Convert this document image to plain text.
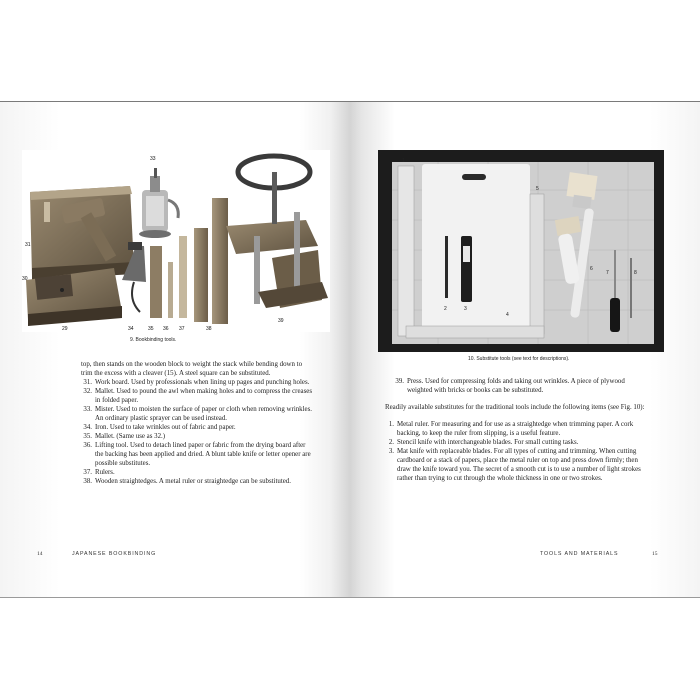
33
31
30
29	34	35 36 37	38
39
9. Bookbinding tools.
1
2	3
4
5
6
7	8
10. Substitute tools (see text for descriptions).

top, then stands on the wooden block to weight the stack while bending down to trim the excess with a cleaver (15). A steel square can be substituted.

31. Work board. Used by professionals when lining up pages and punching holes.
32. Mallet. Used to pound the awl when making holes and to compress the creases in folded paper.
33. Mister. Used to moisten the surface of paper or cloth when removing wrinkles. An ordinary plastic sprayer can be used instead.
34. Iron. Used to take wrinkles out of fabric and paper.
35. Mallet. (Same use as 32.)
36. Lifting tool. Used to detach lined paper or fabric from the drying board after the backing has been applied and dried. A blunt table knife or letter opener are possible substitutes.
37. Rulers.
38. Wooden straightedges. A metal ruler or straightedge can be substituted.
39. Press. Used for compressing folds and taking out wrinkles. A piece of plywood weighted with bricks or books can be substituted.

Readily available substitutes for the traditional tools include the following items (see Fig. 10):

1. Metal ruler. For measuring and for use as a straightedge when trimming paper. A cork backing, to keep the ruler from slipping, is a useful feature.
2. Stencil knife with interchangeable blades. For small cutting tasks.
3. Mat knife with replaceable blades. For all types of cutting and trimming. When cutting cardboard or a stack of papers, place the metal ruler on top and press down firmly; then draw the knife toward you. The secret of a smooth cut is to use a number of light strokes rather than trying to cut through the whole thickness in one or two strokes.
14	JAPANESE BOOKBINDING	TOOLS AND MATERIALS	15
